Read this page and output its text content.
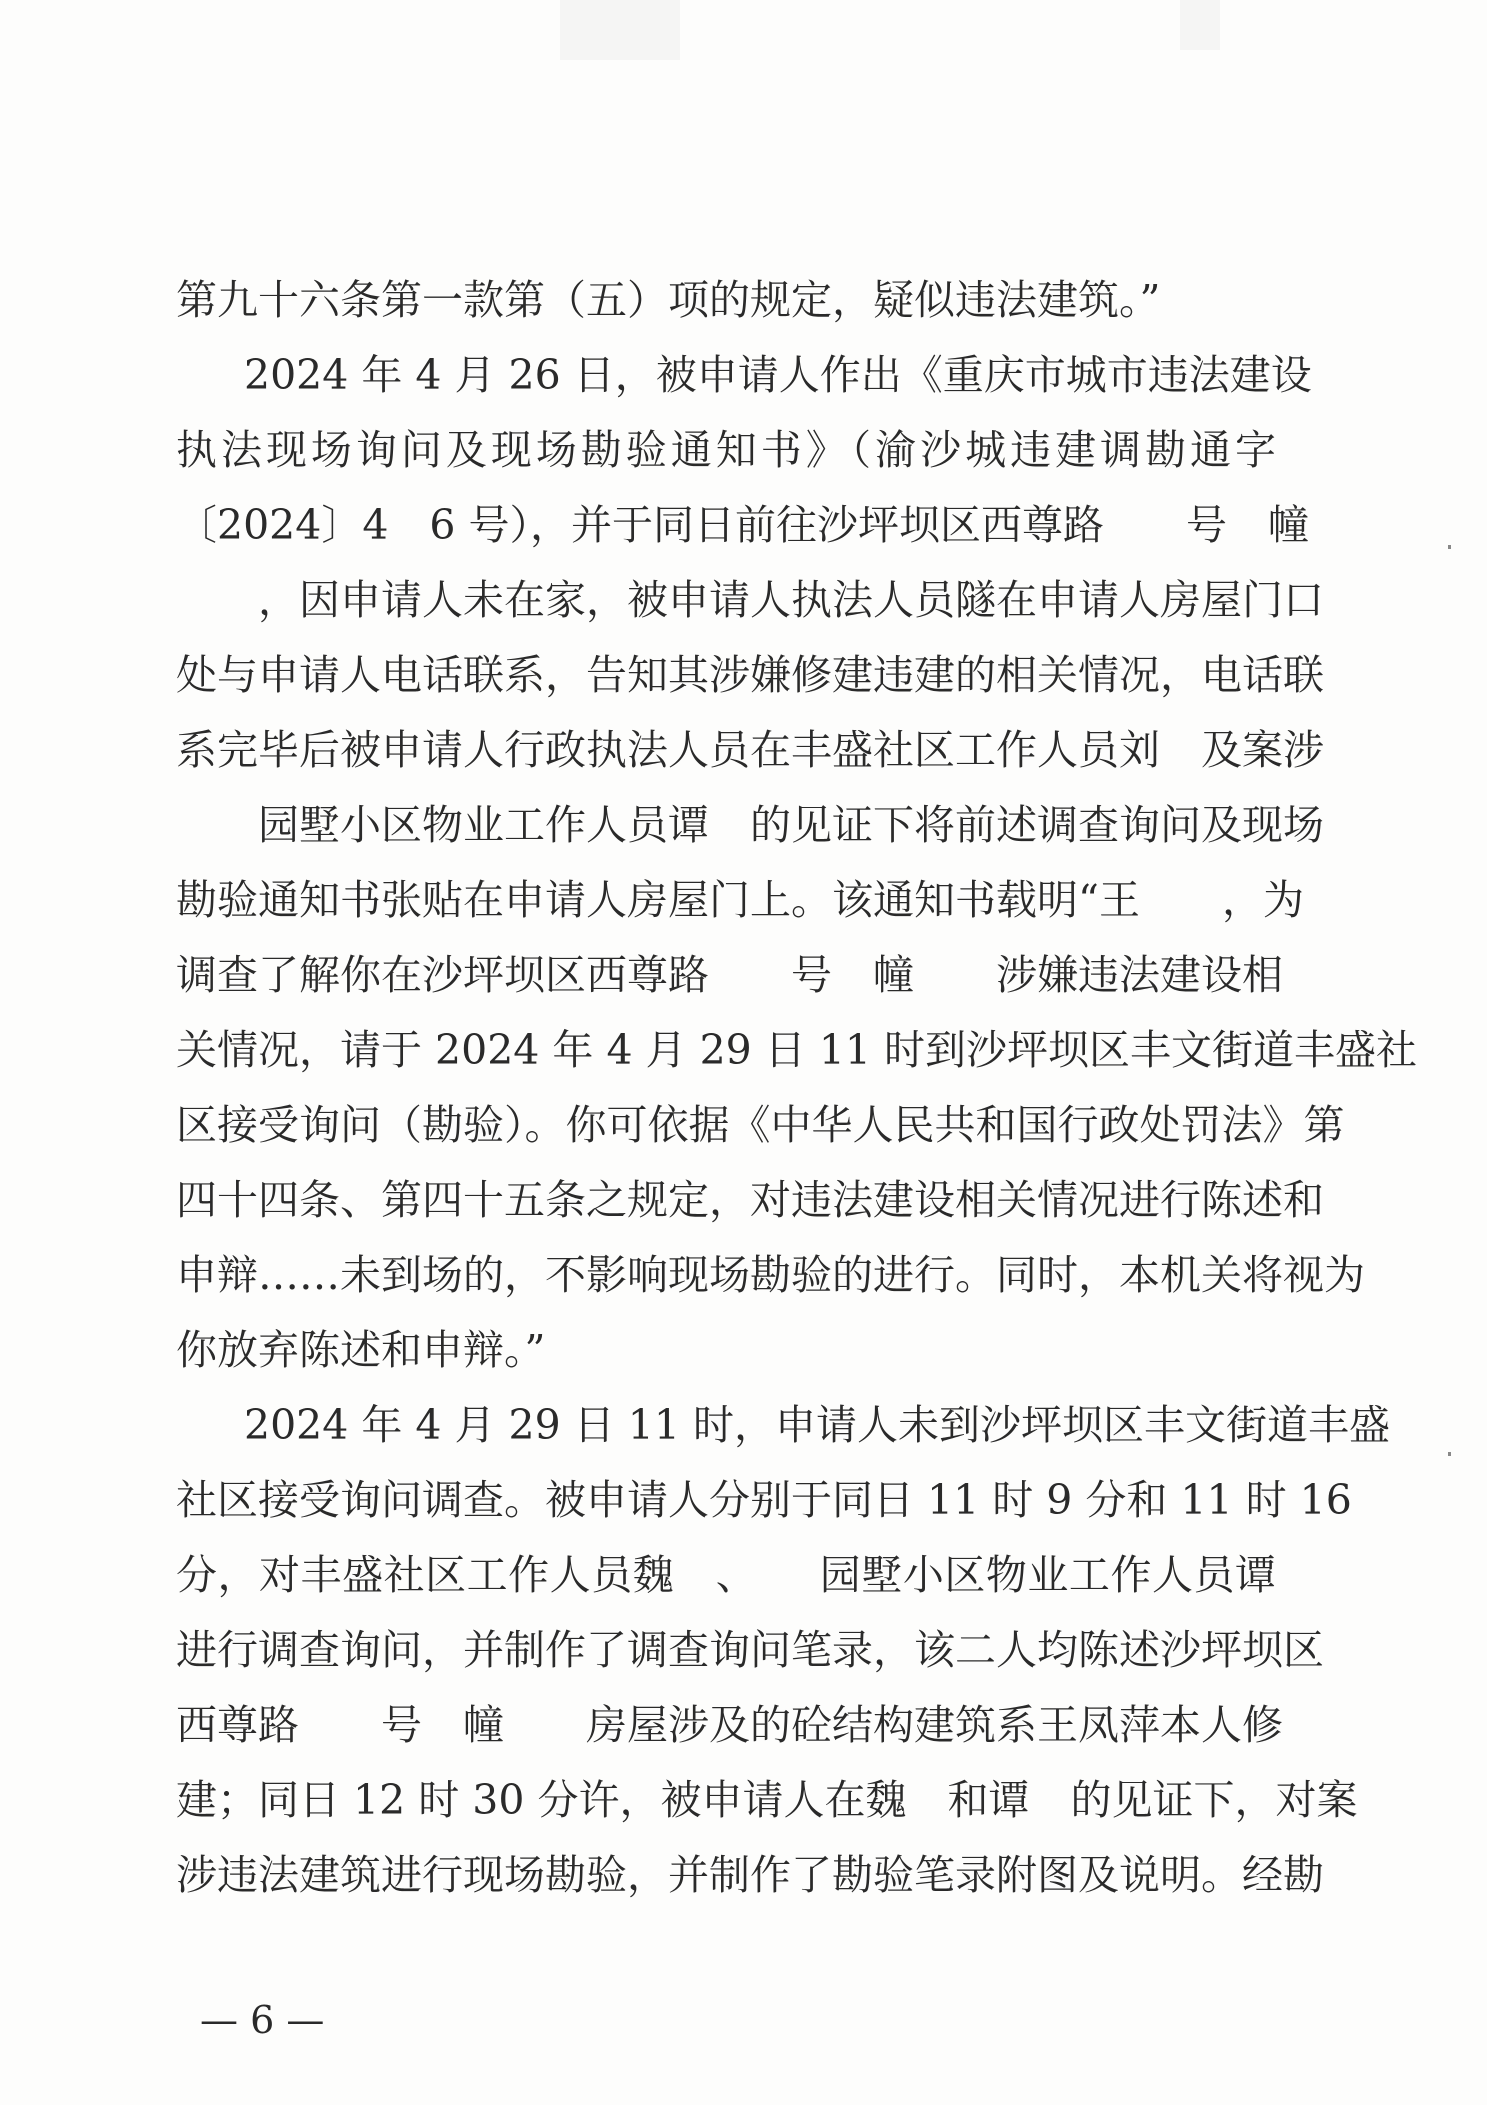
第九十六条第一款第（五）项的规定，疑似违法建筑。”
2024 年 4 月 26 日，被申请人作出《重庆市城市违法建设
执法现场询问及现场勘验通知书》（渝沙城违建调勘通字
〔2024〕4　6 号），并于同日前往沙坪坝区西尊路　　号　幢
　　，因申请人未在家，被申请人执法人员隧在申请人房屋门口
处与申请人电话联系，告知其涉嫌修建违建的相关情况，电话联
系完毕后被申请人行政执法人员在丰盛社区工作人员刘　及案涉
　　园墅小区物业工作人员谭　的见证下将前述调查询问及现场
勘验通知书张贴在申请人房屋门上。该通知书载明“王　　，为
调查了解你在沙坪坝区西尊路　　号　幢　　涉嫌违法建设相
关情况，请于 2024 年 4 月 29 日 11 时到沙坪坝区丰文街道丰盛社
区接受询问（勘验）。你可依据《中华人民共和国行政处罚法》第
四十四条、第四十五条之规定，对违法建设相关情况进行陈述和
申辩……未到场的，不影响现场勘验的进行。同时，本机关将视为
你放弃陈述和申辩。”
2024 年 4 月 29 日 11 时，申请人未到沙坪坝区丰文街道丰盛
社区接受询问调查。被申请人分别于同日 11 时 9 分和 11 时 16
分，对丰盛社区工作人员魏　、　　园墅小区物业工作人员谭
进行调查询问，并制作了调查询问笔录，该二人均陈述沙坪坝区
西尊路　　号　幢　　房屋涉及的砼结构建筑系王凤萍本人修
建；同日 12 时 30 分许，被申请人在魏　和谭　的见证下，对案
涉违法建筑进行现场勘验，并制作了勘验笔录附图及说明。经勘
— 6 —
